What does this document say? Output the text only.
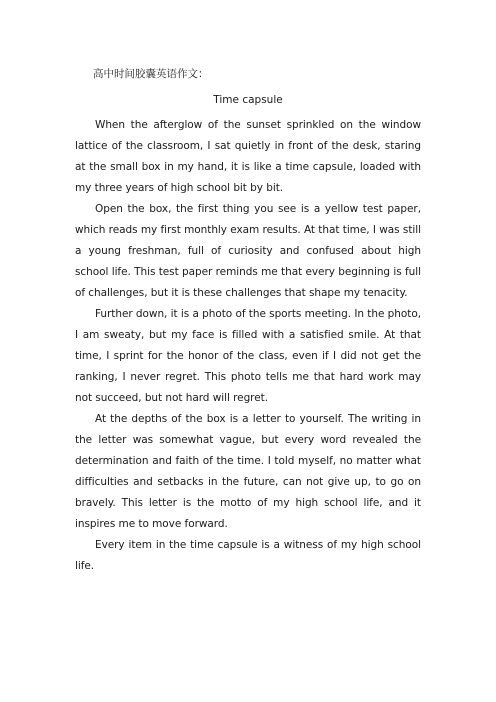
高中时间胶囊英语作文：
Time capsule

When the afterglow of the sunset sprinkled on the window lattice of the classroom, I sat quietly in front of the desk, staring at the small box in my hand, it is like a time capsule, loaded with my three years of high school bit by bit.

Open the box, the first thing you see is a yellow test paper, which reads my first monthly exam results. At that time, I was still a young freshman, full of curiosity and confused about high school life. This test paper reminds me that every beginning is full of challenges, but it is these challenges that shape my tenacity.

Further down, it is a photo of the sports meeting. In the photo, I am sweaty, but my face is filled with a satisfied smile. At that time, I sprint for the honor of the class, even if I did not get the ranking, I never regret. This photo tells me that hard work may not succeed, but not hard will regret.

At the depths of the box is a letter to yourself. The writing in the letter was somewhat vague, but every word revealed the determination and faith of the time. I told myself, no matter what difficulties and setbacks in the future, can not give up, to go on bravely. This letter is the motto of my high school life, and it inspires me to move forward.

Every item in the time capsule is a witness of my high school life.
